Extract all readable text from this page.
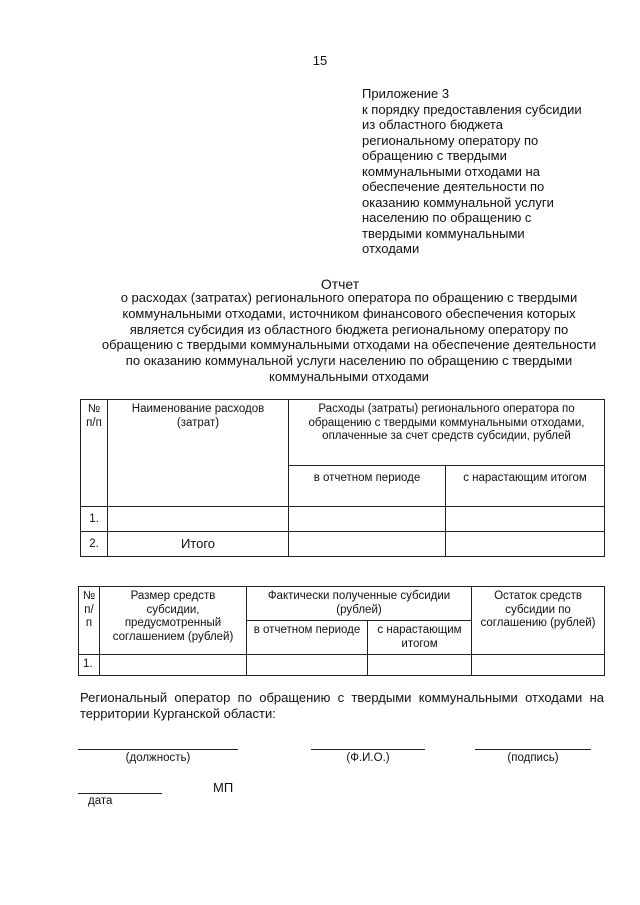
15
Приложение 3
к порядку предоставления субсидии
из областного бюджета
региональному оператору по
обращению с твердыми
коммунальными отходами на
обеспечение деятельности по
оказанию коммунальной услуги
населению по обращению с
твердыми коммунальными
отходами
Отчет
о расходах (затратах) регионального оператора по обращению с твердыми
коммунальными отходами, источником финансового обеспечения которых
является субсидия из областного бюджета региональному оператору по
обращению с твердыми коммунальными отходами на обеспечение деятельности
по оказанию коммунальной услуги населению по обращению с твердыми
коммунальными отходами
№ п/п	Наименование расходов (затрат)	Расходы (затраты) регионального оператора по обращению с твердыми коммунальными отходами, оплаченные за счет средств субсидии, рублей	
		в отчетном периоде	с нарастающим итогом
1.			
2.	Итого		
№ п/п	Размер средств субсидии, предусмотренный соглашением (рублей)	Фактически полученные субсидии (рублей)		Остаток средств субсидии по соглашению (рублей)
		в отчетном периоде	с нарастающим итогом	
1.				
Региональный оператор по обращению с твердыми коммунальными отходами на территории Курганской области:
(должность)	(Ф.И.О.)	(подпись)
МП
дата
